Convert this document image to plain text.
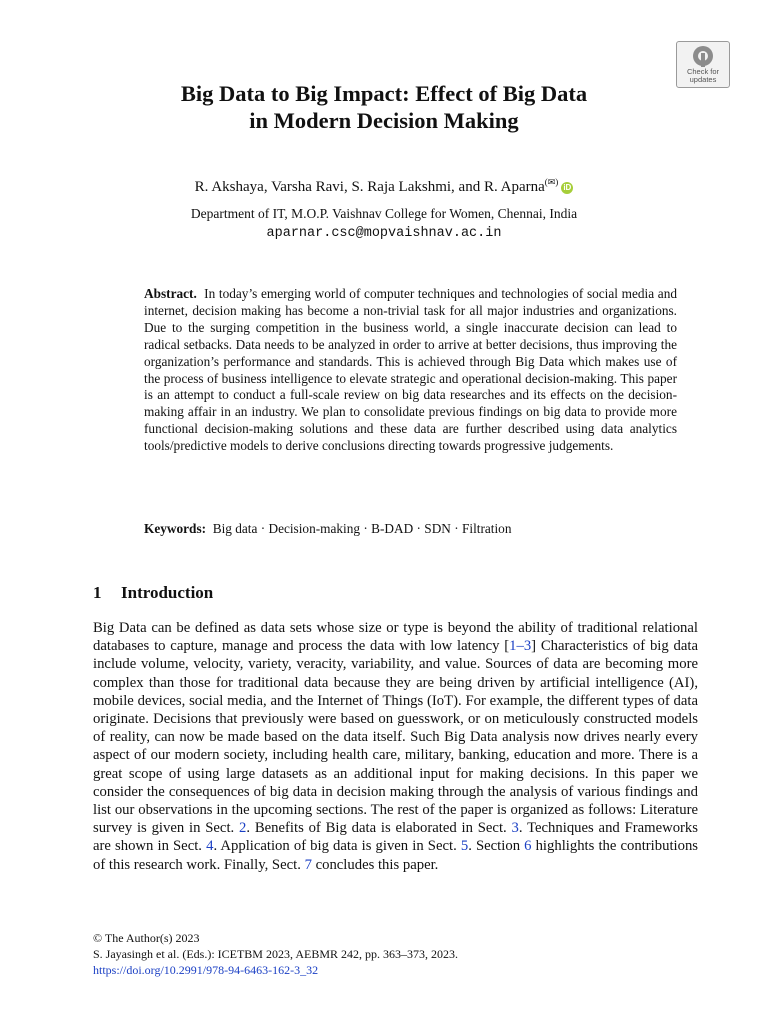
Check for
updates
Big Data to Big Impact: Effect of Big Data
in Modern Decision Making
R. Akshaya, Varsha Ravi, S. Raja Lakshmi, and R. Aparna(✉)iD
Department of IT, M.O.P. Vaishnav College for Women, Chennai, India
aparnar.csc@mopvaishnav.ac.in
Abstract. In today’s emerging world of computer techniques and technologies of social media and internet, decision making has become a non-trivial task for all major industries and organizations. Due to the surging competition in the business world, a single inaccurate decision can lead to radical setbacks. Data needs to be analyzed in order to arrive at better decisions, thus improving the organization’s performance and standards. This is achieved through Big Data which makes use of the process of business intelligence to elevate strategic and operational decision-making. This paper is an attempt to conduct a full-scale review on big data researches and its effects on the decision-making affair in an industry. We plan to consolidate previous findings on big data to provide more functional decision-making solutions and these data are further described using data analytics tools/predictive models to derive conclusions directing towards progressive judgements.
Keywords: Big data · Decision-making · B-DAD · SDN · Filtration
1 Introduction
Big Data can be defined as data sets whose size or type is beyond the ability of traditional relational databases to capture, manage and process the data with low latency [1–3] Characteristics of big data include volume, velocity, variety, veracity, variability, and value. Sources of data are becoming more complex than those for traditional data because they are being driven by artificial intelligence (AI), mobile devices, social media, and the Internet of Things (IoT). For example, the different types of data originate. Decisions that previously were based on guesswork, or on meticulously constructed models of reality, can now be made based on the data itself. Such Big Data analysis now drives nearly every aspect of our modern society, including health care, military, banking, education and more. There is a great scope of using large datasets as an additional input for making decisions. In this paper we consider the consequences of big data in decision making through the analysis of various findings and list our observations in the upcoming sections. The rest of the paper is organized as follows: Literature survey is given in Sect. 2. Benefits of Big data is elaborated in Sect. 3. Techniques and Frameworks are shown in Sect. 4. Application of big data is given in Sect. 5. Section 6 highlights the contributions of this research work. Finally, Sect. 7 concludes this paper.
© The Author(s) 2023
S. Jayasingh et al. (Eds.): ICETBM 2023, AEBMR 242, pp. 363–373, 2023.
https://doi.org/10.2991/978-94-6463-162-3_32
